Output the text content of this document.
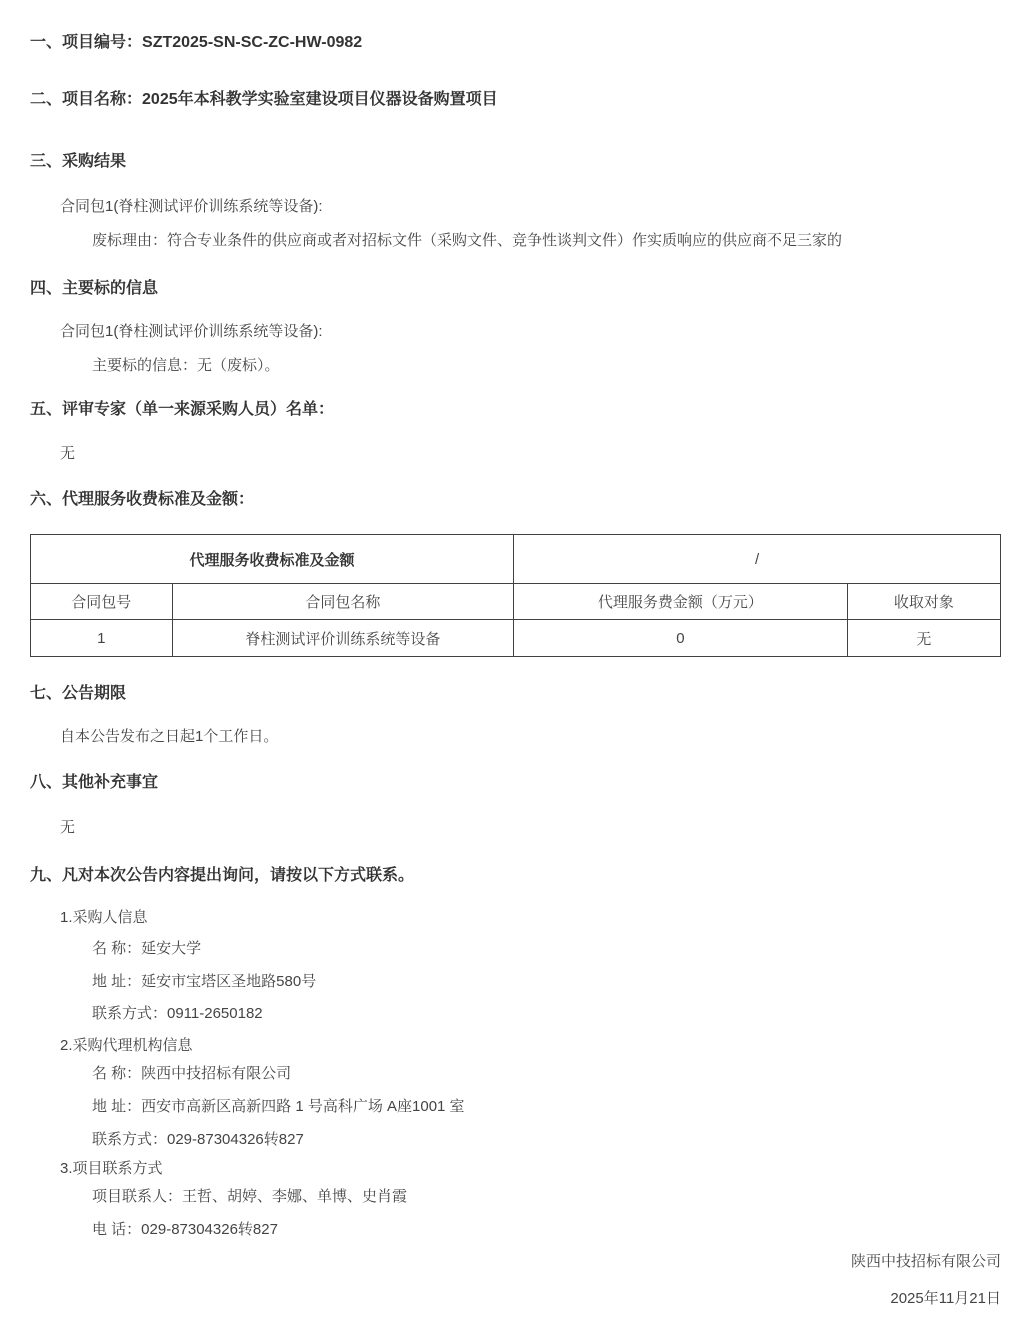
一、项目编号：SZT2025-SN-SC-ZC-HW-0982

二、项目名称：2025年本科教学实验室建设项目仪器设备购置项目

三、采购结果

合同包1(脊柱测试评价训练系统等设备):

废标理由：符合专业条件的供应商或者对招标文件（采购文件、竞争性谈判文件）作实质响应的供应商不足三家的

四、主要标的信息

合同包1(脊柱测试评价训练系统等设备):

主要标的信息：无（废标）。

五、评审专家（单一来源采购人员）名单：

无

六、代理服务收费标准及金额：

代理服务收费标准及金额		/	
合同包号	合同包名称	代理服务费金额（万元）	收取对象
1	脊柱测试评价训练系统等设备	0	无

七、公告期限

自本公告发布之日起1个工作日。

八、其他补充事宜

无

九、凡对本次公告内容提出询问，请按以下方式联系。

1.采购人信息

名 称：延安大学

地 址：延安市宝塔区圣地路580号

联系方式：0911-2650182

2.采购代理机构信息

名 称：陕西中技招标有限公司

地 址：西安市高新区高新四路 1 号高科广场 A座1001 室

联系方式：029-87304326转827

3.项目联系方式

项目联系人：王哲、胡婷、李娜、单博、史肖霞

电 话：029-87304326转827

陕西中技招标有限公司

2025年11月21日
